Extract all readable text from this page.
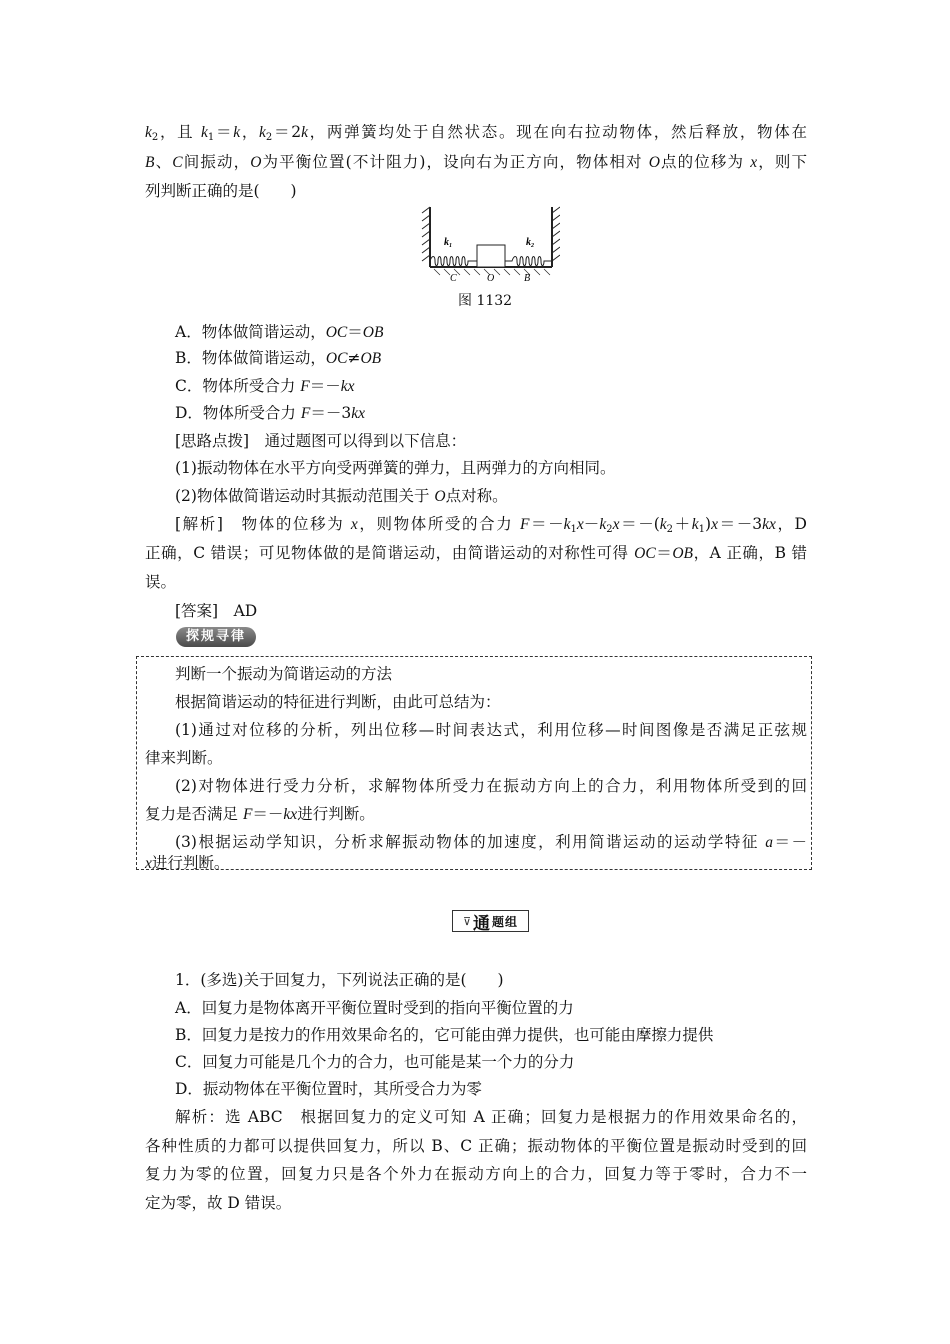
$k_2$，且 $k_1=k$，$k_2=2k$，两弹簧均处于自然状态。现在向右拉动物体，然后释放，物体在
B、C间振动，O为平衡位置(不计阻力)，设向右为正方向，物体相对 O点的位移为 x，则下
列判断正确的是(　　)
$k_1$	$k_2$
C	O	B
图 1132
A．物体做简谐运动，OC＝OB
B．物体做简谐运动，OC≠OB
C．物体所受合力 F＝－kx
D．物体所受合力 F＝－3kx
[思路点拨]　通过题图可以得到以下信息：
(1)振动物体在水平方向受两弹簧的弹力，且两弹力的方向相同。
(2)物体做简谐运动时其振动范围关于 O点对称。
[解析]　物体的位移为 x，则物体所受的合力 $F=-k_1x-k_2x=-(k_2+k_1)x=-3kx$，D
正确，C 错误；可见物体做的是简谐运动，由简谐运动的对称性可得 OC＝OB，A 正确，B 错
误。
[答案]　AD
探规寻律
判断一个振动为简谐运动的方法
根据简谐运动的特征进行判断，由此可总结为：
(1)通过对位移的分析，列出位移—时间表达式，利用位移—时间图像是否满足正弦规
律来判断。
(2)对物体进行受力分析，求解物体所受力在振动方向上的合力，利用物体所受到的回
复力是否满足 F＝－kx进行判断。
(3)根据运动学知识，分析求解振动物体的加速度，利用简谐运动的运动学特征 a＝－
x进行判断。
⊽ 通 题组
1．(多选)关于回复力，下列说法正确的是(　　)
A．回复力是物体离开平衡位置时受到的指向平衡位置的力
B．回复力是按力的作用效果命名的，它可能由弹力提供，也可能由摩擦力提供
C．回复力可能是几个力的合力，也可能是某一个力的分力
D．振动物体在平衡位置时，其所受合力为零
解析：选 ABC　根据回复力的定义可知 A 正确；回复力是根据力的作用效果命名的，
各种性质的力都可以提供回复力，所以 B、C 正确；振动物体的平衡位置是振动时受到的回
复力为零的位置，回复力只是各个外力在振动方向上的合力，回复力等于零时，合力不一
定为零，故 D 错误。
